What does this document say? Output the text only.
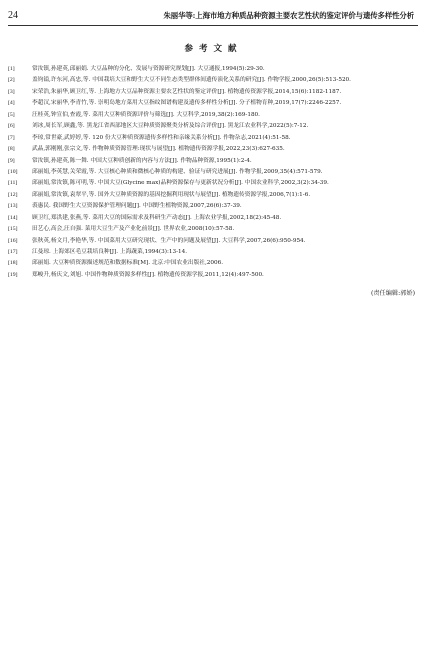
24	朱丽华等:上海市地方种质品种资源主要农艺性状的鉴定评价与遗传多样性分析
参考文献
[1]	常汝镇,孙建英,邱丽娟. 大豆品种的分化、发展与资源研究规划[J]. 大豆通报,1994(5):29-30.
[2]	盖钧镒,许东河,高忠,等. 中国栽培大豆和野生大豆不同生态类型群体间遗传演化关系的研究[J]. 作物学报,2000,26(5):513-520.
[3]	宋荣浩,朱丽华,顾卫红,等. 上海地方大豆品种资源主要农艺性状的鉴定评价[J]. 植物遗传资源学报,2014,15(6):1182-1187.
[4]	李超汉,宋丽华,李青竹,等. 崇明岛地方菜用大豆指纹图谱构建及遗传多样性分析[J]. 分子植物育种,2019,17(7):2246-2257.
[5]	汪桂英,钟宣伯,查霞,等. 菜用大豆种质资源评价与筛选[J]. 大豆科学,2019,38(2):169-180.
[6]	刘冰,周长军,顾鑫,等. 黑龙江省西部地区大豆种质资源聚类分析及综合评价[J]. 黑龙江农业科学,2022(5):7-12.
[7]	李琼,常世豪,武婷婷,等. 120 份大豆种质资源遗传多样性和亲缘关系分析[J]. 作物杂志,2021(4):51-58.
[8]	武晶,郭刚刚,张宗文,等. 作物种质资源管理:现状与展望[J]. 植物遗传资源学报,2022,23(3):627-635.
[9]	常汝镇,孙建英,陈一舞. 中国大豆种质创新的内容与方法[J]. 作物品种资源,1995(1):2-4.
[10]	邱丽娟,李英慧,关荣霞,等. 大豆核心种质和微核心种质的构建、验证与研究进展[J]. 作物学报,2009,35(4):571-579.
[11]	邱丽娟,常汝镇,陈可明,等. 中国大豆(Glycine max)品种资源保存与更新状况分析[J]. 中国农业科学,2002,3(2):34-39.
[12]	邱丽娟,常汝镇,袁翠平,等. 国外大豆种质资源的基因挖掘利用现状与展望[J]. 植物遗传资源学报,2006,7(1):1-6.
[13]	裘惠民. 我国野生大豆资源保护管理问题[J]. 中国野生植物资源,2007,26(6):37-39.
[14]	顾卫红,郑洪建,张燕,等. 菜用大豆的国际需求及科研生产动态[J]. 上海农业学报,2002,18(2):45-48.
[15]	田艺心,高会,汪自强. 菜用大豆生产及产业化前景[J]. 世界农业,2008(10):57-58.
[16]	张秋英,杨文月,李艳华,等. 中国菜用大豆研究现状、生产中的问题及展望[J]. 大豆科学,2007,26(6):950-954.
[17]	江曼琼. 上海郊区毛豆栽培良种[J]. 上海蔬菜,1994(3):13-14.
[18]	邱丽娟. 大豆种质资源描述规范和数据标准[M]. 北京:中国农业出版社,2006.
[19]	郑峻升,杨庆文,刘旭. 中国作物种质资源多样性[J]. 植物遗传资源学报,2011,12(4):497-500.
(责任编辑:郭娇)
